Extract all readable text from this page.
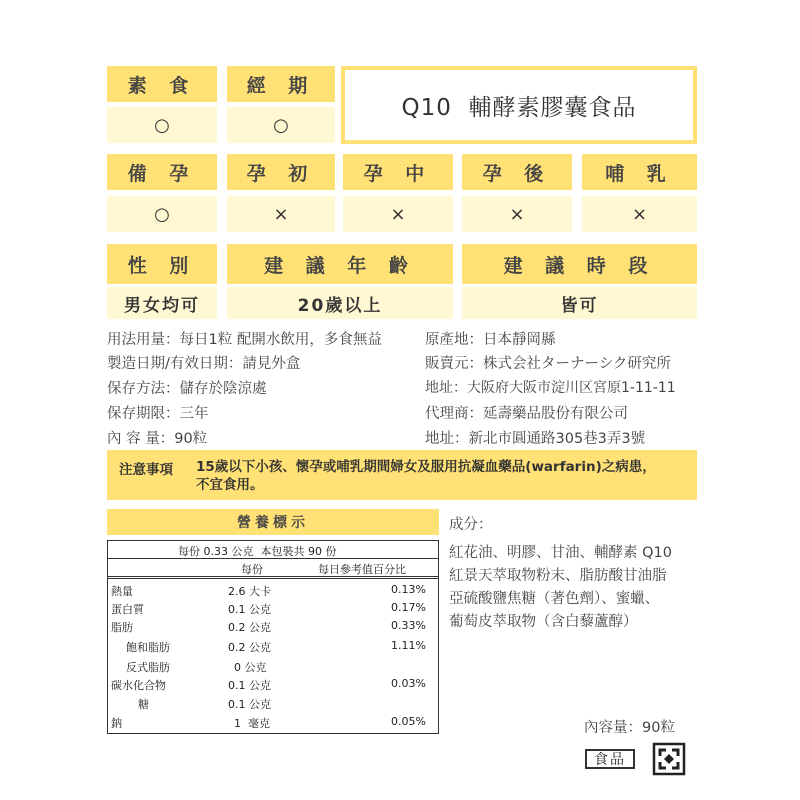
素 食	經 期
○	○
Q10  輔酵素膠囊食品
備 孕	孕 初	孕 中	孕 後	哺 乳
○	×	×	×	×
性 別	建 議 年 齡	建 議 時 段
男女均可	20歲以上	皆可
用法用量：每日1粒 配開水飲用，多食無益
製造日期/有效日期：請見外盒
保存方法：儲存於陰涼處
保存期限：三年
內 容 量：90粒
原產地：日本靜岡縣
販賣元：株式会社ターナーシク研究所
地址：大阪府大阪市淀川区宮原1-11-11
代理商：延壽藥品股份有限公司
地址：新北市圓通路305巷3弄3號
注意事項 15歲以下小孩、懷孕或哺乳期間婦女及服用抗凝血藥品(warfarin)之病患，
不宜食用。
營養標示
每份 0.33 公克  本包裝共 90 份
每份	每日參考值百分比
熱量	2.6 大卡	0.13%
蛋白質	0.1 公克	0.17%
脂肪	0.2 公克	0.33%
飽和脂肪	0.2 公克	1.11%
反式脂肪	0 公克
碳水化合物	0.1 公克	0.03%
糖	0.1 公克
鈉	1  毫克	0.05%
成分：
紅花油、明膠、甘油、輔酵素 Q10
紅景天萃取物粉末、脂肪酸甘油脂
亞硫酸鹽焦糖（著色劑）、蜜蠟、
葡萄皮萃取物（含白藜蘆醇）
內容量：90粒
食品
